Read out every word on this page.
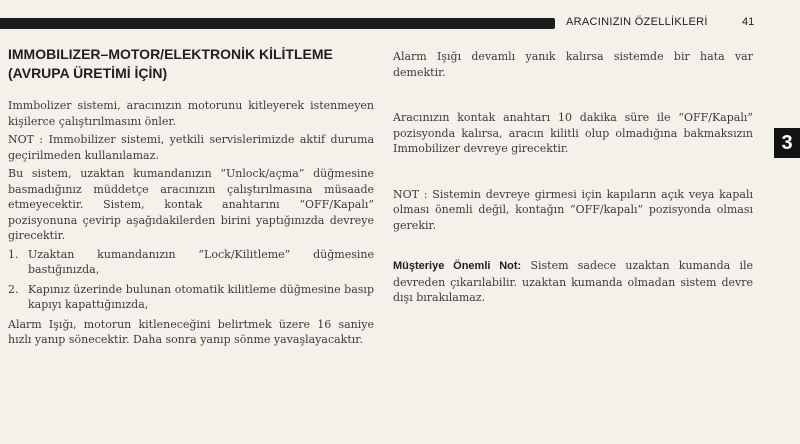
ARACINIZIN ÖZELLİKLERİ	41
3
IMMOBILIZER–MOTOR/ELEKTRONİK KİLİTLEME
(AVRUPA ÜRETİMİ İÇİN)

Immbolizer sistemi, aracınızın motorunu kitleyerek istenmeyen kişilerce çalıştırılmasını önler.

NOT : Immobilizer sistemi, yetkili servislerimizde aktif duruma geçirilmeden kullanılamaz.

Bu sistem, uzaktan kumandanızın “Unlock/açma” düğmesine basmadığınız müddetçe aracınızın çalıştırılmasına müsaade etmeyecektir. Sistem, kontak anahtarını “OFF/Kapalı” pozisyonuna çevirip aşağıdakilerden birini yaptığınızda devreye girecektir.

1. Uzaktan kumandanızın “Lock/Kilitleme” düğmesine bastığınızda,
2. Kapınız üzerinde bulunan otomatik kilitleme düğmesine basıp kapıyı kapattığınızda,

Alarm Işığı, motorun kitleneceğini belirtmek üzere 16 saniye hızlı yanıp sönecektir. Daha sonra yanıp sönme yavaşlayacaktır.

Alarm Işığı devamlı yanık kalırsa sistemde bir hata var demektir.

Aracınızın kontak anahtarı 10 dakika süre ile “OFF/Kapalı” pozisyonda kalırsa, aracın kilitli olup olmadığına bakmaksızın Immobilizer devreye girecektir.

NOT : Sistemin devreye girmesi için kapıların açık veya kapalı olması önemli değil, kontağın “OFF/kapalı” pozisyonda olması gerekir.

Müşteriye Önemli Not: Sistem sadece uzaktan kumanda ile devreden çıkarılabilir. uzaktan kumanda olmadan sistem devre dışı bırakılamaz.
